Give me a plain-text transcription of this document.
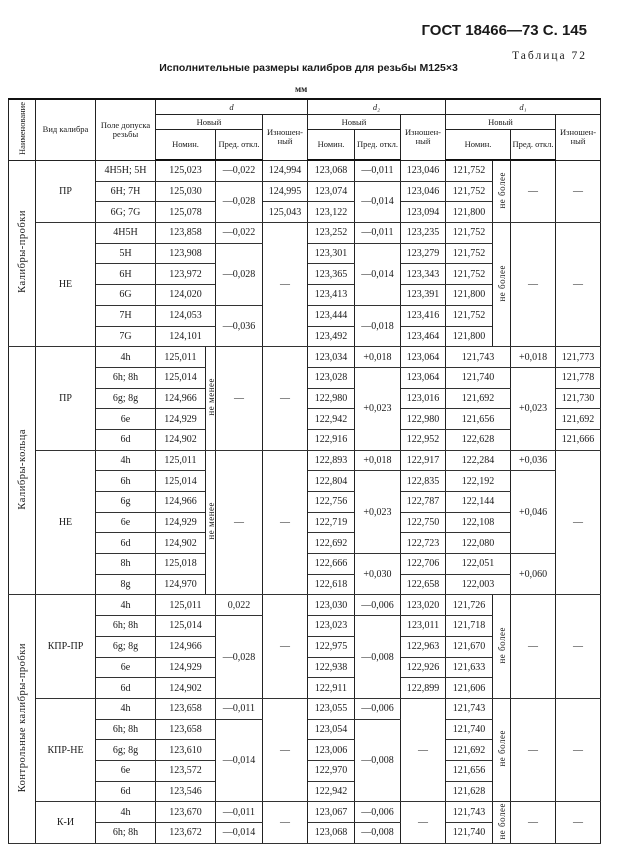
ГОСТ 18466—73 С. 145
Таблица 72
Исполнительные размеры калибров для резьбы M125×3
мм
Наименование	Вид калибра	Поле допуска резьбы	d				d₂			d₁			
			Новый			Изношен-ный	Новый		Изношен-ный	Новый			Изношен-ный
			Номин.		Пред. откл.		Номин.	Пред. откл.		Номин.		Пред. откл.	
Калибры-пробки	ПР	4H5H; 5H	125,023		—0,022	124,994	123,068	—0,011	123,046	121,752	не более	—	—
		6H; 7H	125,030		—0,028	124,995	123,074	—0,014	123,046	121,752			
		6G; 7G	125,078			125,043	123,122		123,094	121,800			
	НЕ	4H5H	123,858		—0,022	—	123,252	—0,011	123,235	121,752	не более	—	—
		5H	123,908		—0,028		123,301	—0,014	123,279	121,752			
		6H	123,972				123,365		123,343	121,752			
		6G	124,020				123,413		123,391	121,800			
		7H	124,053		—0,036		123,444	—0,018	123,416	121,752			
		7G	124,101				123,492		123,464	121,800			
Калибры-кольца	ПР	4h	125,011	не менее	—	—	123,034	+0,018	123,064	121,743		+0,018	121,773
		6h; 8h	125,014				123,028	+0,023	123,064	121,740		+0,023	121,778
		6g; 8g	124,966				122,980		123,016	121,692			121,730
		6e	124,929				122,942		122,980	121,656			121,692
		6d	124,902				122,916		122,952	122,628			121,666
	НЕ	4h	125,011	не менее	—	—	122,893	+0,018	122,917	122,284		+0,036	—
		6h	125,014				122,804	+0,023	122,835	122,192		+0,046	
		6g	124,966				122,756		122,787	122,144			
		6e	124,929				122,719		122,750	122,108			
		6d	124,902				122,692		122,723	122,080			
		8h	125,018				122,666	+0,030	122,706	122,051		+0,060	
		8g	124,970				122,618		122,658	122,003			
Контрольные калибры-пробки	КПР-ПР	4h	125,011		0,022	—	123,030	—0,006	123,020	121,726	не более	—	—
		6h; 8h	125,014		—0,028		123,023	—0,008	123,011	121,718			
		6g; 8g	124,966				122,975		122,963	121,670			
		6e	124,929				122,938		122,926	121,633			
		6d	124,902				122,911		122,899	121,606			
	КПР-НЕ	4h	123,658		—0,011	—	123,055	—0,006	—	121,743	не более	—	—
		6h; 8h	123,658		—0,014		123,054	—0,008		121,740			
		6g; 8g	123,610				123,006			121,692			
		6e	123,572				122,970			121,656			
		6d	123,546				122,942			121,628			
	К-И	4h	123,670		—0,011	—	123,067	—0,006	—	121,743	не более	—	—
		6h; 8h	123,672		—0,014		123,068	—0,008		121,740			
